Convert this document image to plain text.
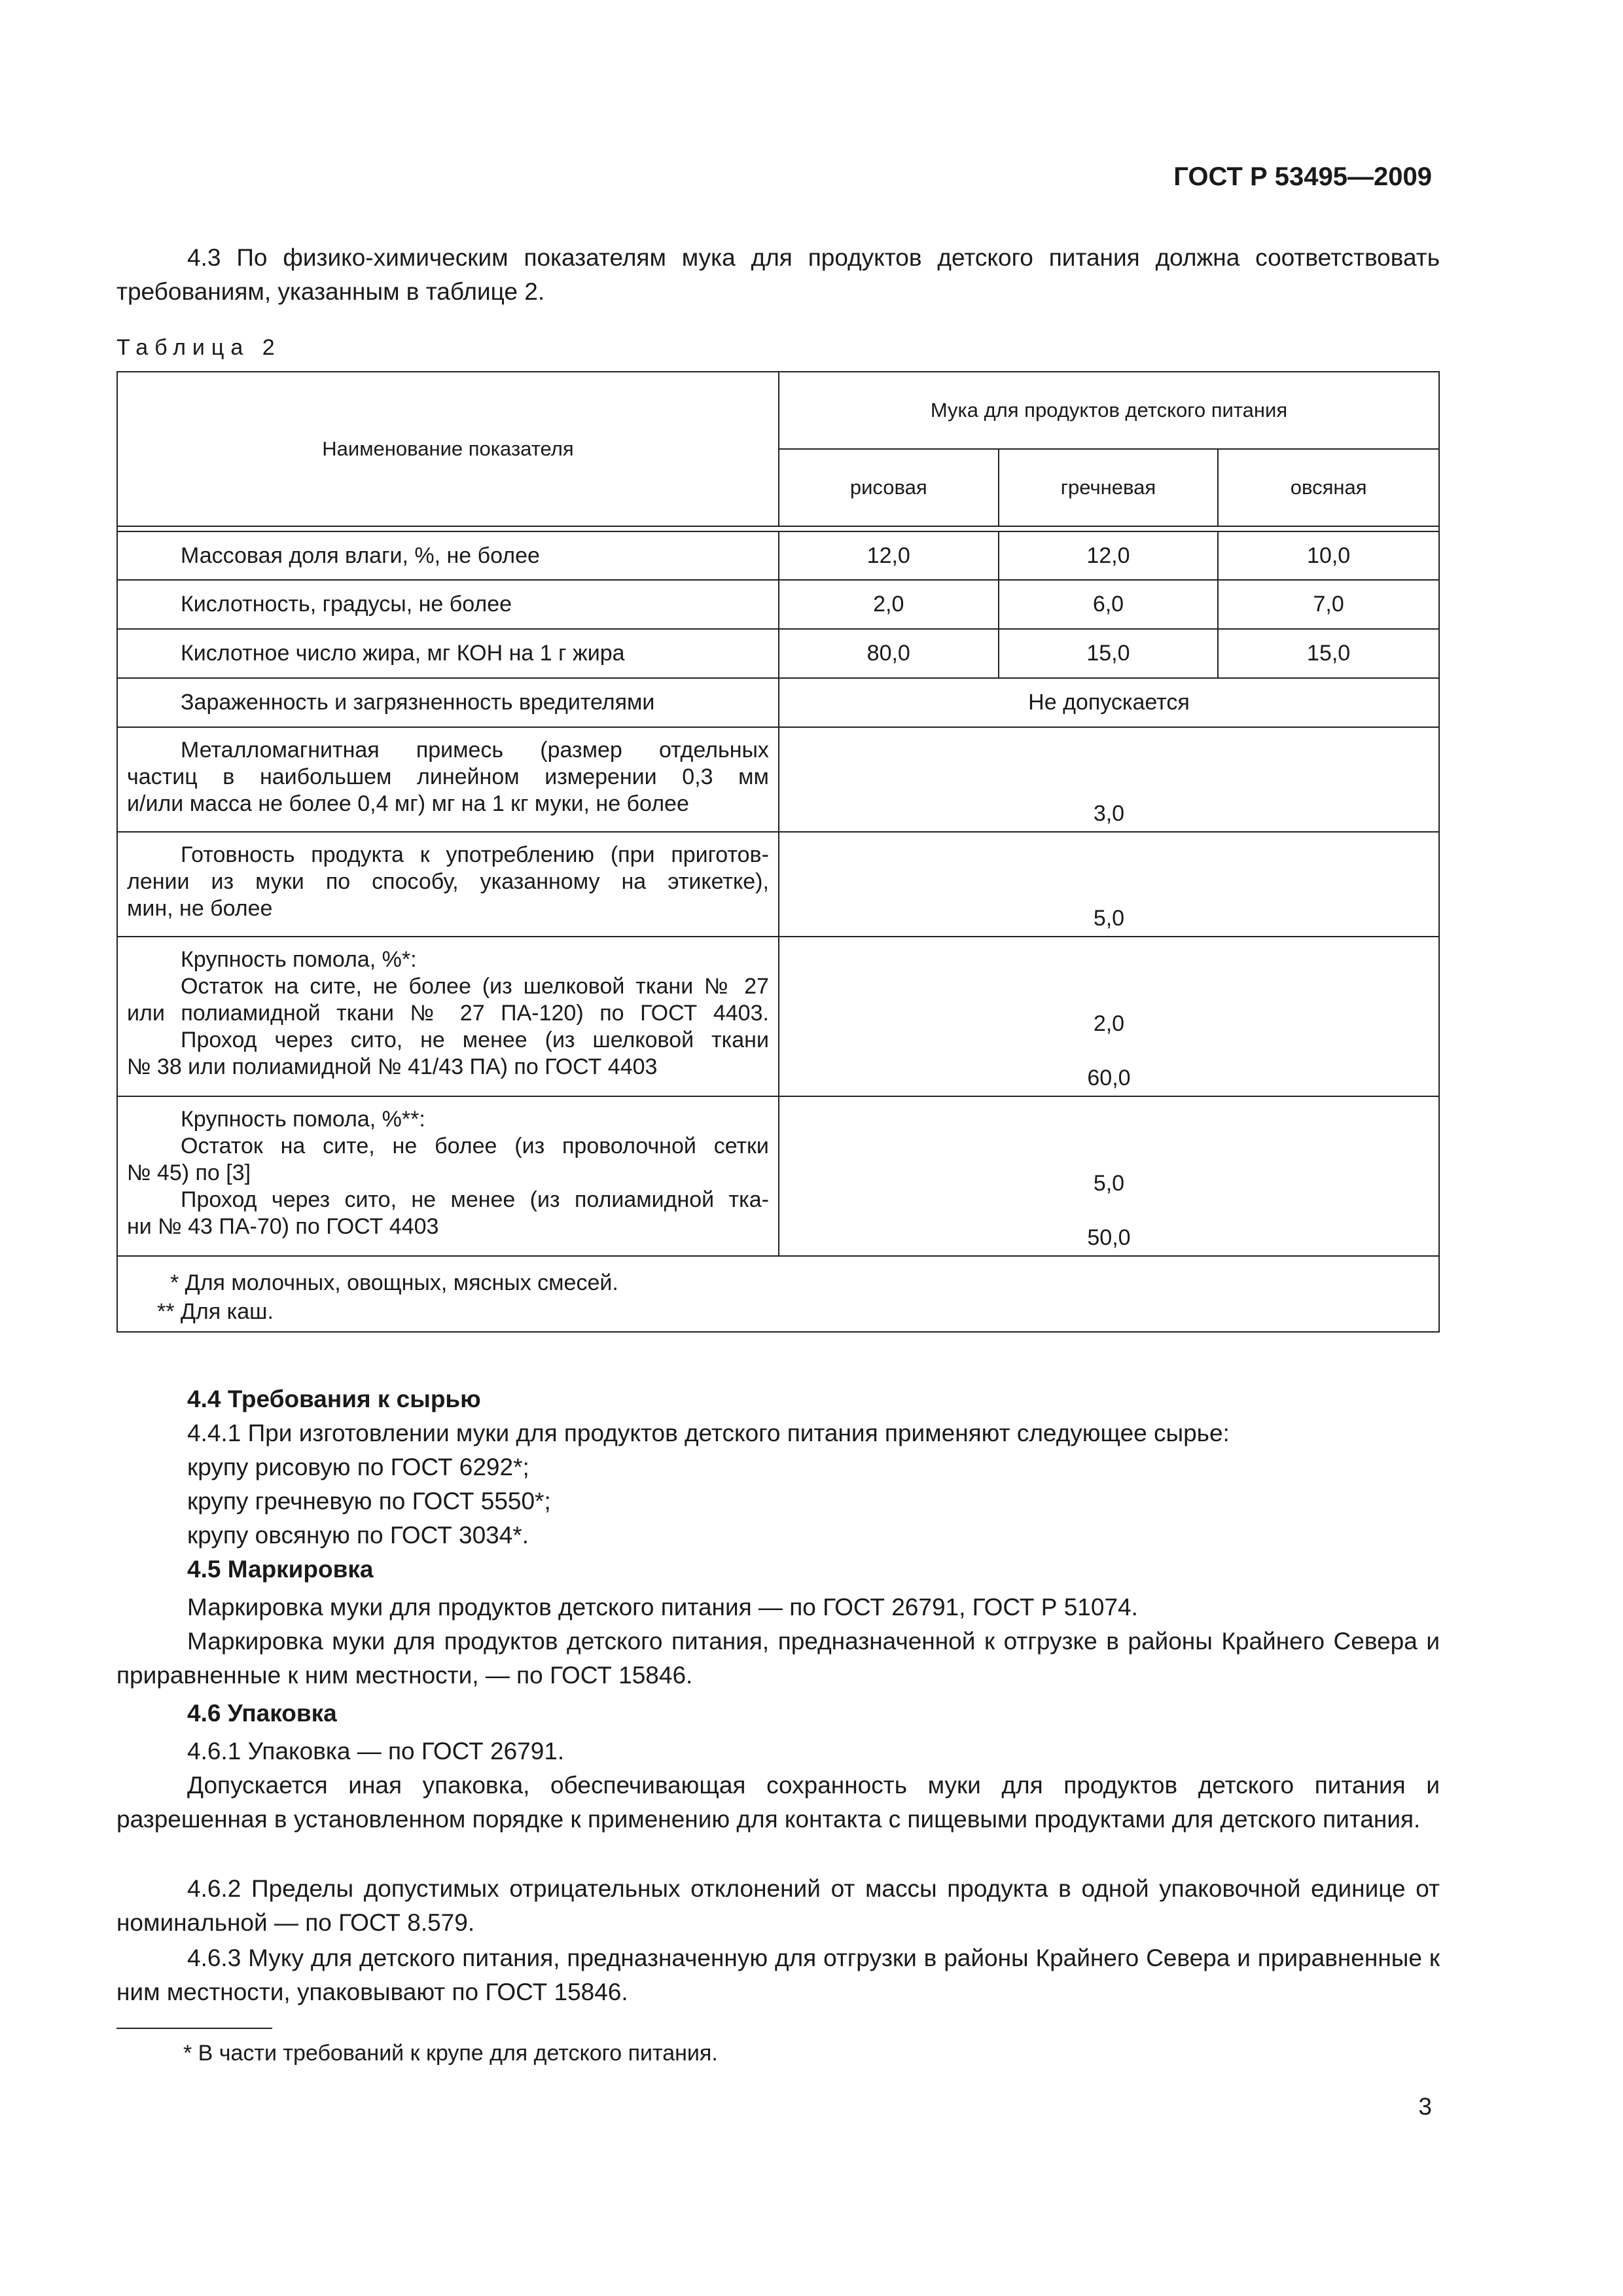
ГОСТ Р 53495—2009
4.3 По физико-химическим показателям мука для продуктов детского питания должна соответствовать требованиям, указанным в таблице 2.
Таблица 2
Наименование показателя	Мука для продуктов детского питания		
	рисовая	гречневая	овсяная

Массовая доля влаги, %, не более	12,0	12,0	10,0
Кислотность, градусы, не более	2,0	6,0	7,0
Кислотное число жира, мг КОН на 1 г жира	80,0	15,0	15,0
Зараженность и загрязненность вредителями	Не допускается		

Металломагнитная примесь (размер отдельных
частиц в наибольшем линейном измерении 0,3 мм
и/или масса не более 0,4 мг) мг на 1 кг муки, не более	3,0		

Готовность продукта к употреблению (при приготов-
лении из муки по способу, указанному на этикетке),
мин, не более	5,0		

Крупность помола, %*:
Остаток на сите, не более (из шелковой ткани № 27
или полиамидной ткани № 27 ПА-120) по ГОСТ 4403.
Проход через сито, не менее (из шелковой ткани
№ 38 или полиамидной № 41/43 ПА) по ГОСТ 4403	2,0
60,0		

Крупность помола, %**:
Остаток на сите, не более (из проволочной сетки
№ 45) по [3]
Проход через сито, не менее (из полиамидной тка-
ни № 43 ПА-70) по ГОСТ 4403	5,0
50,0		

* Для молочных, овощных, мясных смесей.
** Для каш.			
4.4 Требования к сырью
4.4.1 При изготовлении муки для продуктов детского питания применяют следующее сырье:
крупу рисовую по ГОСТ 6292*;
крупу гречневую по ГОСТ 5550*;
крупу овсяную по ГОСТ 3034*.
4.5 Маркировка
Маркировка муки для продуктов детского питания — по ГОСТ 26791, ГОСТ Р 51074.
Маркировка муки для продуктов детского питания, предназначенной к отгрузке в районы Крайнего Севера и приравненные к ним местности, — по ГОСТ 15846.
4.6 Упаковка
4.6.1 Упаковка — по ГОСТ 26791.
Допускается иная упаковка, обеспечивающая сохранность муки для продуктов детского питания и разрешенная в установленном порядке к применению для контакта с пищевыми продуктами для детского питания.
4.6.2 Пределы допустимых отрицательных отклонений от массы продукта в одной упаковочной единице от номинальной — по ГОСТ 8.579.
4.6.3 Муку для детского питания, предназначенную для отгрузки в районы Крайнего Севера и приравненные к ним местности, упаковывают по ГОСТ 15846.
* В части требований к крупе для детского питания.
3
